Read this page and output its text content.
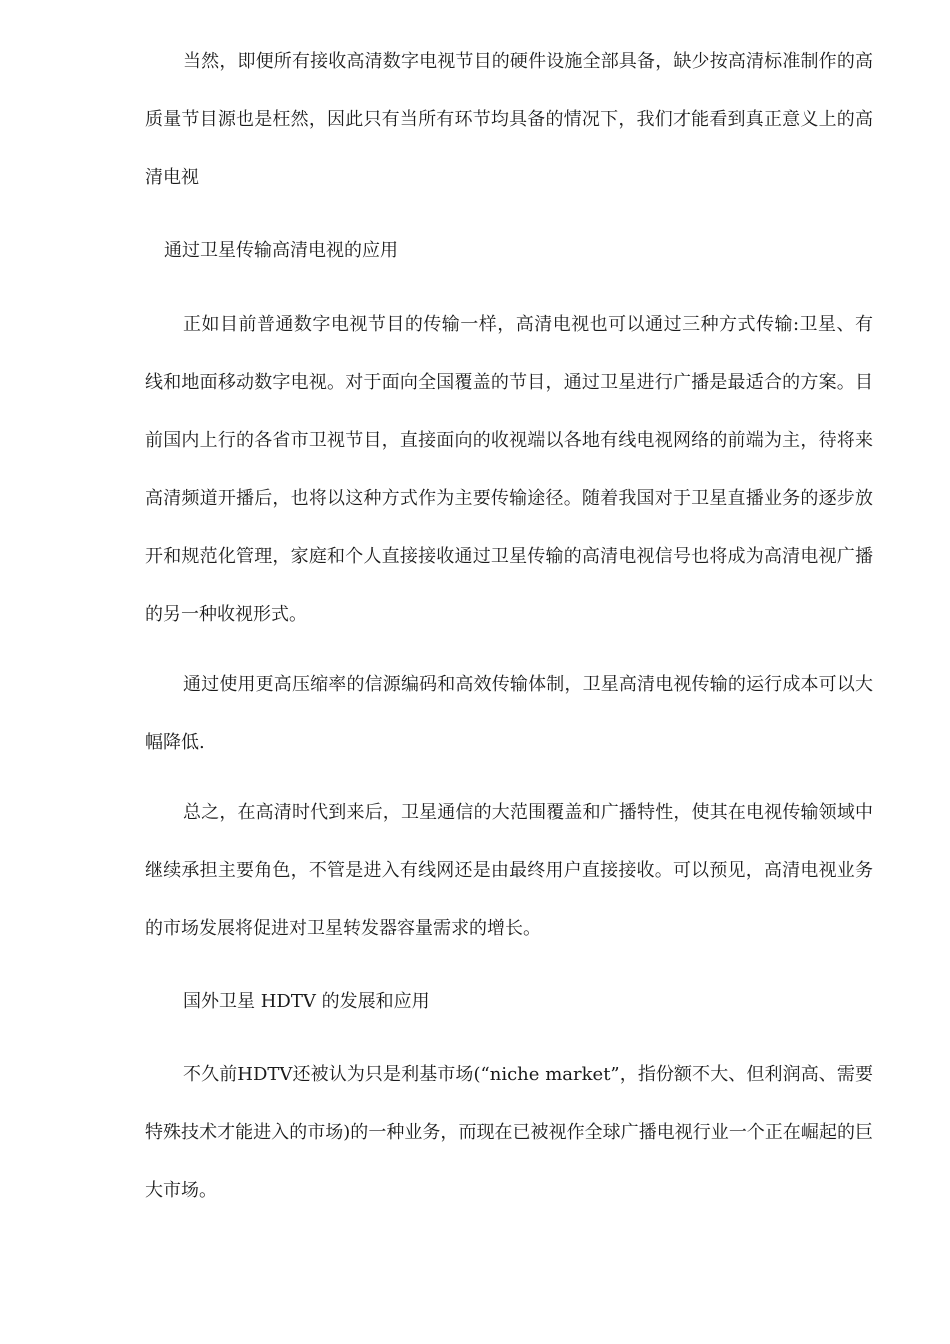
当然，即便所有接收高清数字电视节目的硬件设施全部具备，缺少按高清标准制作的高质量节目源也是枉然，因此只有当所有环节均具备的情况下，我们才能看到真正意义上的高清电视

通过卫星传输高清电视的应用

正如目前普通数字电视节目的传输一样，高清电视也可以通过三种方式传输:卫星、有线和地面移动数字电视。对于面向全国覆盖的节目，通过卫星进行广播是最适合的方案。目前国内上行的各省市卫视节目，直接面向的收视端以各地有线电视网络的前端为主，待将来高清频道开播后，也将以这种方式作为主要传输途径。随着我国对于卫星直播业务的逐步放开和规范化管理，家庭和个人直接接收通过卫星传输的高清电视信号也将成为高清电视广播的另一种收视形式。

通过使用更高压缩率的信源编码和高效传输体制，卫星高清电视传输的运行成本可以大幅降低.

总之，在高清时代到来后，卫星通信的大范围覆盖和广播特性，使其在电视传输领域中继续承担主要角色，不管是进入有线网还是由最终用户直接接收。可以预见，高清电视业务的市场发展将促进对卫星转发器容量需求的增长。

国外卫星 HDTV 的发展和应用

不久前HDTV还被认为只是利基市场(“niche market”，指份额不大、但利润高、需要特殊技术才能进入的市场)的一种业务，而现在已被视作全球广播电视行业一个正在崛起的巨大市场。
